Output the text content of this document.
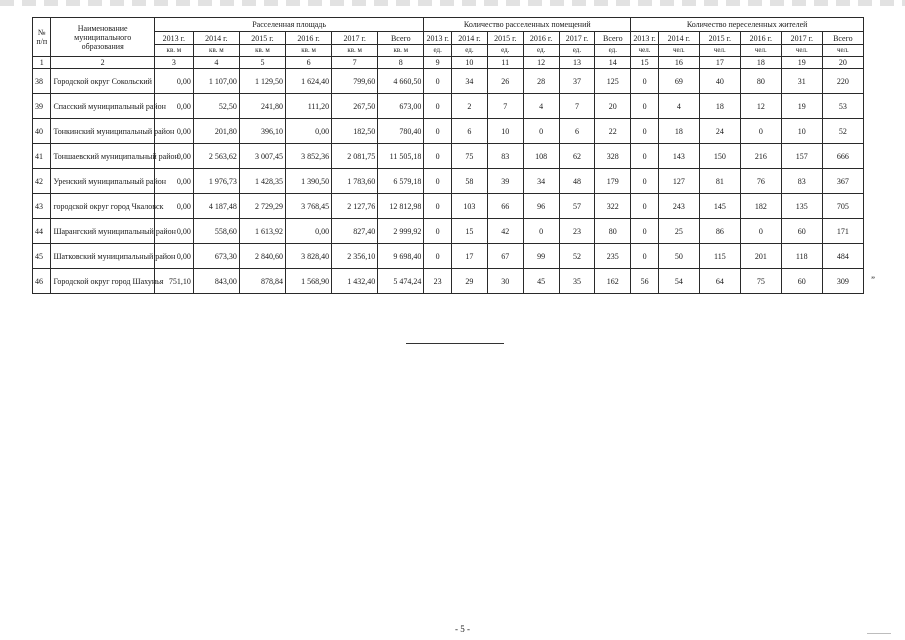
№ п/п	Наименование муниципального образования	Расселенная площадь						Количество расселенных помещений						Количество переселенных жителей					
		2013 г.	2014 г.	2015 г.	2016 г.	2017 г.	Всего	2013 г.	2014 г.	2015 г.	2016 г.	2017 г.	Всего	2013 г.	2014 г.	2015 г.	2016 г.	2017 г.	Всего
		кв. м	кв. м	кв. м	кв. м	кв. м	кв. м	ед.	ед.	ед.	ед.	ед.	ед.	чел.	чел.	чел.	чел.	чел.	чел.
1	2	3	4	5	6	7	8	9	10	11	12	13	14	15	16	17	18	19	20
38	Городской округ Сокольский	0,00	1 107,00	1 129,50	1 624,40	799,60	4 660,50	0	34	26	28	37	125	0	69	40	80	31	220
39	Спасский муниципальный район	0,00	52,50	241,80	111,20	267,50	673,00	0	2	7	4	7	20	0	4	18	12	19	53
40	Тонкинский муниципальный район	0,00	201,80	396,10	0,00	182,50	780,40	0	6	10	0	6	22	0	18	24	0	10	52
41	Тоншаевский муниципальный район	0,00	2 563,62	3 007,45	3 852,36	2 081,75	11 505,18	0	75	83	108	62	328	0	143	150	216	157	666
42	Уренский муниципальный район	0,00	1 976,73	1 428,35	1 390,50	1 783,60	6 579,18	0	58	39	34	48	179	0	127	81	76	83	367
43	городской округ город Чкаловск	0,00	4 187,48	2 729,29	3 768,45	2 127,76	12 812,98	0	103	66	96	57	322	0	243	145	182	135	705
44	Шарангский муниципальный район	0,00	558,60	1 613,92	0,00	827,40	2 999,92	0	15	42	0	23	80	0	25	86	0	60	171
45	Шатковский муниципальный район	0,00	673,30	2 840,60	3 828,40	2 356,10	9 698,40	0	17	67	99	52	235	0	50	115	201	118	484
46	Городской округ город Шахунья	751,10	843,00	878,84	1 568,90	1 432,40	5 474,24	23	29	30	45	35	162	56	54	64	75	60	309 ”
- 5 -
